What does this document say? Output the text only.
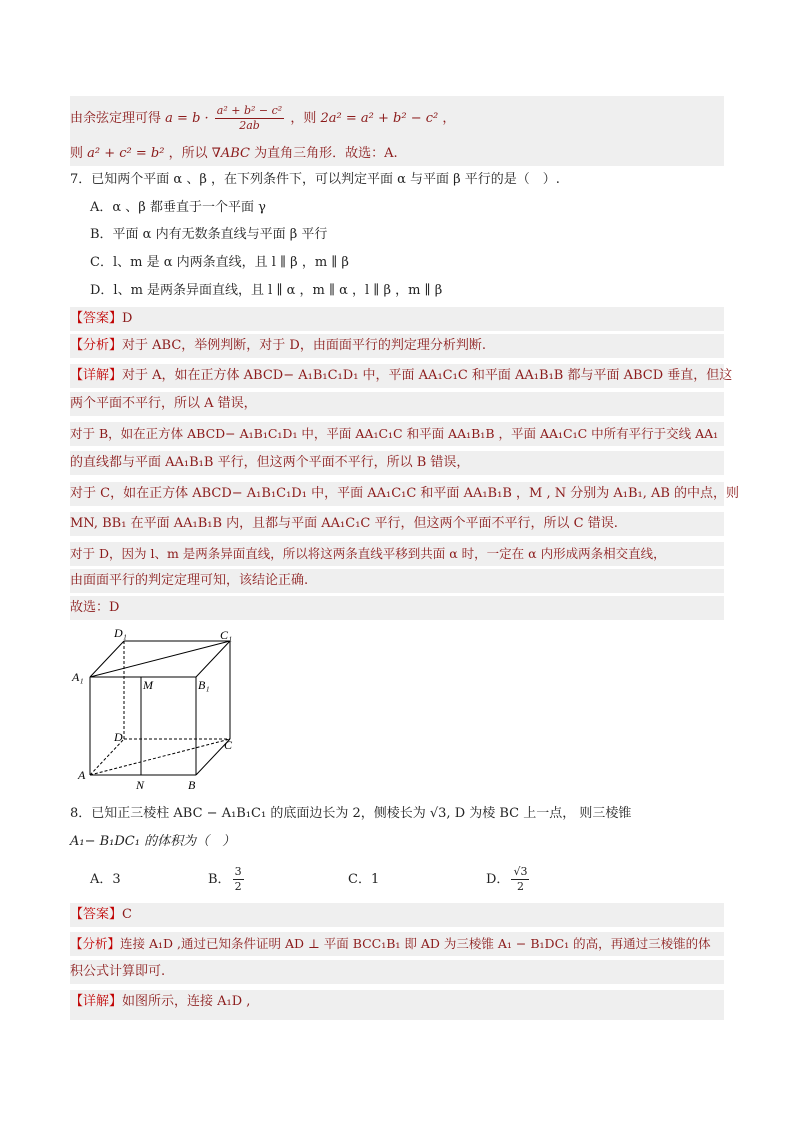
由余弦定理可得 $a = b \cdot \frac{\text{a² + b² − c²}}{2ab}$ ，则 2a² = a² + b² − c² ，
则 a² + c² = b² ，所以 ∇ABC 为直角三角形．故选：A.
7．已知两个平面 α 、β ，在下列条件下，可以判定平面 α 与平面 β 平行的是（　）.
A．α 、β 都垂直于一个平面 γ
B．平面 α 内有无数条直线与平面 β 平行
C．l、m 是 α 内两条直线，且 l ∥ β ，m ∥ β
D．l、m 是两条异面直线，且 l ∥ α ，m ∥ α ，l ∥ β ，m ∥ β
【答案】D
【分析】对于 ABC，举例判断，对于 D，由面面平行的判定理分析判断.
【详解】对于 A，如在正方体 ABCD− A₁B₁C₁D₁ 中，平面 AA₁C₁C 和平面 AA₁B₁B 都与平面 ABCD 垂直，但这
两个平面不平行，所以 A 错误，
对于 B，如在正方体 ABCD− A₁B₁C₁D₁ 中，平面 AA₁C₁C 和平面 AA₁B₁B ，平面 AA₁C₁C 中所有平行于交线 AA₁
的直线都与平面 AA₁B₁B 平行，但这两个平面不平行，所以 B 错误，
对于 C，如在正方体 ABCD− A₁B₁C₁D₁ 中，平面 AA₁C₁C 和平面 AA₁B₁B ，M , N 分别为 A₁B₁, AB 的中点，则
MN, BB₁ 在平面 AA₁B₁B 内，且都与平面 AA₁C₁C 平行，但这两个平面不平行，所以 C 错误.
对于 D，因为 l、m 是两条异面直线，所以将这两条直线平移到共面 α 时，一定在 α 内形成两条相交直线，
由面面平行的判定定理可知，该结论正确.
故选：D
D₁	C₁
A₁
M	B₁
D
C
A
N	B
8．已知正三棱柱 ABC − A₁B₁C₁ 的底面边长为 2，侧棱长为 √3, D 为棱 BC 上一点， 则三棱锥
A₁− B₁DC₁ 的体积为（　）
A．3	B． $\frac{3}{2}$	C．1	D． $\frac{√3}{2}$
【答案】C
【分析】连接 A₁D ,通过已知条件证明 AD ⊥ 平面 BCC₁B₁ 即 AD 为三棱锥 A₁ − B₁DC₁ 的高，再通过三棱锥的体
积公式计算即可.
【详解】如图所示，连接 A₁D ,
